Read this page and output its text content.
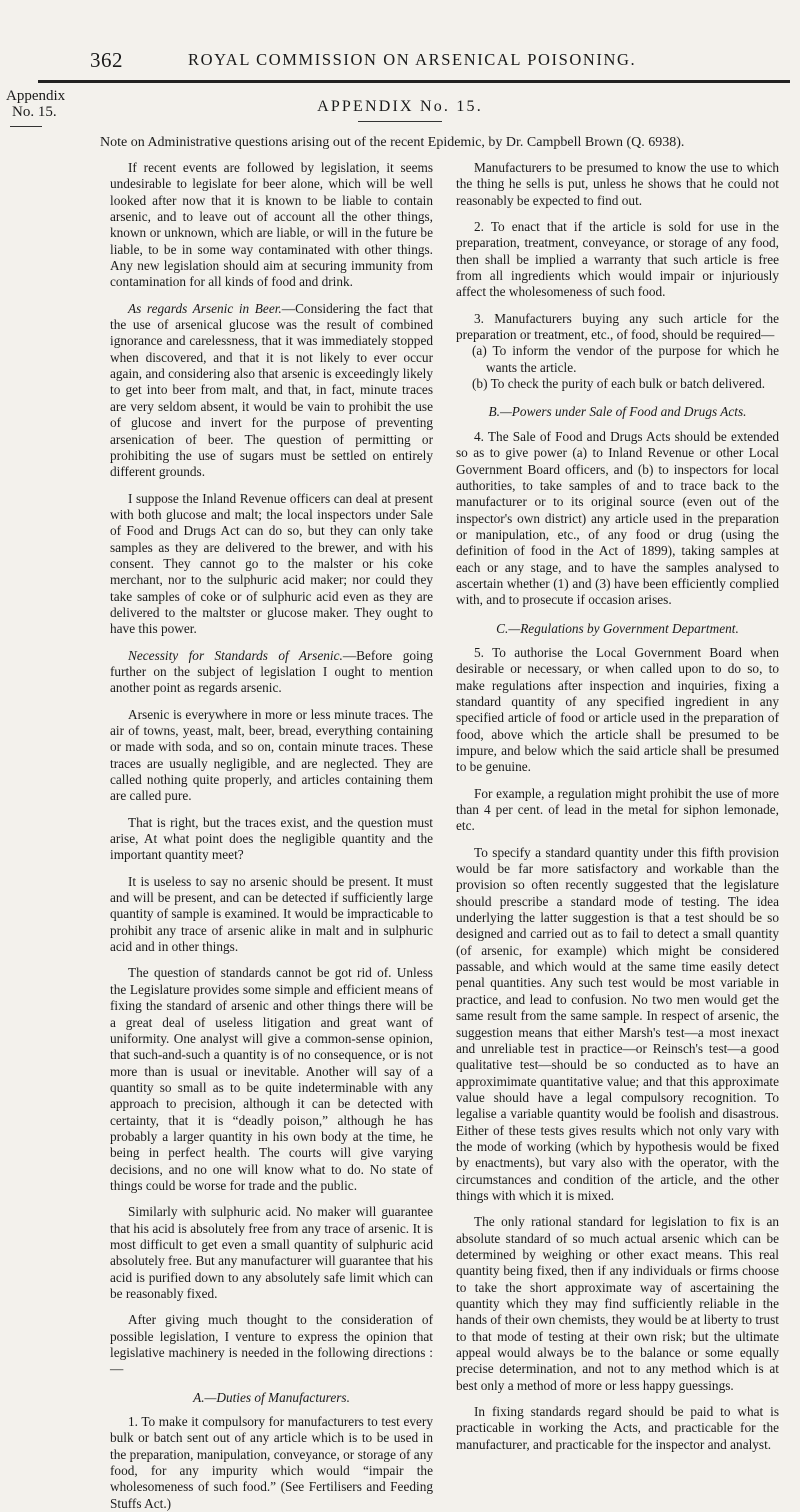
362	ROYAL COMMISSION ON ARSENICAL POISONING.
Appendix
No. 15.	APPENDIX No. 15.
Note on Administrative questions arising out of the recent Epidemic, by Dr. Campbell Brown (Q. 6938).

If recent events are followed by legislation, it seems undesirable to legislate for beer alone, which will be well looked after now that it is known to be liable to contain arsenic, and to leave out of account all the other things, known or unknown, which are liable, or will in the future be liable, to be in some way contaminated with other things. Any new legislation should aim at securing immunity from contamination for all kinds of food and drink.

As regards Arsenic in Beer.—Considering the fact that the use of arsenical glucose was the result of combined ignorance and carelessness, that it was immediately stopped when discovered, and that it is not likely to ever occur again, and considering also that arsenic is exceedingly likely to get into beer from malt, and that, in fact, minute traces are very seldom absent, it would be vain to prohibit the use of glucose and invert for the purpose of preventing arsenication of beer. The question of permitting or prohibiting the use of sugars must be settled on entirely different grounds.

I suppose the Inland Revenue officers can deal at present with both glucose and malt; the local inspectors under Sale of Food and Drugs Act can do so, but they can only take samples as they are delivered to the brewer, and with his consent. They cannot go to the malster or his coke merchant, nor to the sulphuric acid maker; nor could they take samples of coke or of sulphuric acid even as they are delivered to the maltster or glucose maker. They ought to have this power.

Necessity for Standards of Arsenic.—Before going further on the subject of legislation I ought to mention another point as regards arsenic.

Arsenic is everywhere in more or less minute traces. The air of towns, yeast, malt, beer, bread, everything containing or made with soda, and so on, contain minute traces. These traces are usually negligible, and are neglected. They are called nothing quite properly, and articles containing them are called pure.

That is right, but the traces exist, and the question must arise, At what point does the negligible quantity and the important quantity meet?

It is useless to say no arsenic should be present. It must and will be present, and can be detected if sufficiently large quantity of sample is examined. It would be impracticable to prohibit any trace of arsenic alike in malt and in sulphuric acid and in other things.

The question of standards cannot be got rid of. Unless the Legislature provides some simple and efficient means of fixing the standard of arsenic and other things there will be a great deal of useless litigation and great want of uniformity. One analyst will give a common-sense opinion, that such-and-such a quantity is of no consequence, or is not more than is usual or inevitable. Another will say of a quantity so small as to be quite indeterminable with any approach to precision, although it can be detected with certainty, that it is “deadly poison,” although he has probably a larger quantity in his own body at the time, he being in perfect health. The courts will give varying decisions, and no one will know what to do. No state of things could be worse for trade and the public.

Similarly with sulphuric acid. No maker will guarantee that his acid is absolutely free from any trace of arsenic. It is most difficult to get even a small quantity of sulphuric acid absolutely free. But any manufacturer will guarantee that his acid is purified down to any absolutely safe limit which can be reasonably fixed.

After giving much thought to the consideration of possible legislation, I venture to express the opinion that legislative machinery is needed in the following directions :—

A.—Duties of Manufacturers.

1. To make it compulsory for manufacturers to test every bulk or batch sent out of any article which is to be used in the preparation, manipulation, conveyance, or storage of any food, for any impurity which would “impair the wholesomeness of such food.” (See Fertilisers and Feeding Stuffs Act.)

Manufacturers to be presumed to know the use to which the thing he sells is put, unless he shows that he could not reasonably be expected to find out.

2. To enact that if the article is sold for use in the preparation, treatment, conveyance, or storage of any food, then shall be implied a warranty that such article is free from all ingredients which would impair or injuriously affect the wholesomeness of such food.

3. Manufacturers buying any such article for the preparation or treatment, etc., of food, should be required—

(a) To inform the vendor of the purpose for which he wants the article.

(b) To check the purity of each bulk or batch delivered.

B.—Powers under Sale of Food and Drugs Acts.

4. The Sale of Food and Drugs Acts should be extended so as to give power (a) to Inland Revenue or other Local Government Board officers, and (b) to inspectors for local authorities, to take samples of and to trace back to the manufacturer or to its original source (even out of the inspector's own district) any article used in the preparation or manipulation, etc., of any food or drug (using the definition of food in the Act of 1899), taking samples at each or any stage, and to have the samples analysed to ascertain whether (1) and (3) have been efficiently complied with, and to prosecute if occasion arises.

C.—Regulations by Government Department.

5. To authorise the Local Government Board when desirable or necessary, or when called upon to do so, to make regulations after inspection and inquiries, fixing a standard quantity of any specified ingredient in any specified article of food or article used in the preparation of food, above which the article shall be presumed to be impure, and below which the said article shall be presumed to be genuine.

For example, a regulation might prohibit the use of more than 4 per cent. of lead in the metal for siphon lemonade, etc.

To specify a standard quantity under this fifth provision would be far more satisfactory and workable than the provision so often recently suggested that the legislature should prescribe a standard mode of testing. The idea underlying the latter suggestion is that a test should be so designed and carried out as to fail to detect a small quantity (of arsenic, for example) which might be considered passable, and which would at the same time easily detect penal quantities. Any such test would be most variable in practice, and lead to confusion. No two men would get the same result from the same sample. In respect of arsenic, the suggestion means that either Marsh's test—a most inexact and unreliable test in practice—or Reinsch's test—a good qualitative test—should be so conducted as to have an approximimate quantitative value; and that this approximate value should have a legal compulsory recognition. To legalise a variable quantity would be foolish and disastrous. Either of these tests gives results which not only vary with the mode of working (which by hypothesis would be fixed by enactments), but vary also with the operator, with the circumstances and condition of the article, and the other things with which it is mixed.

The only rational standard for legislation to fix is an absolute standard of so much actual arsenic which can be determined by weighing or other exact means. This real quantity being fixed, then if any individuals or firms choose to take the short approximate way of ascertaining the quantity which they may find sufficiently reliable in the hands of their own chemists, they would be at liberty to trust to that mode of testing at their own risk; but the ultimate appeal would always be to the balance or some equally precise determination, and not to any method which is at best only a method of more or less happy guessings.

In fixing standards regard should be paid to what is practicable in working the Acts, and practicable for the manufacturer, and practicable for the inspector and analyst.
